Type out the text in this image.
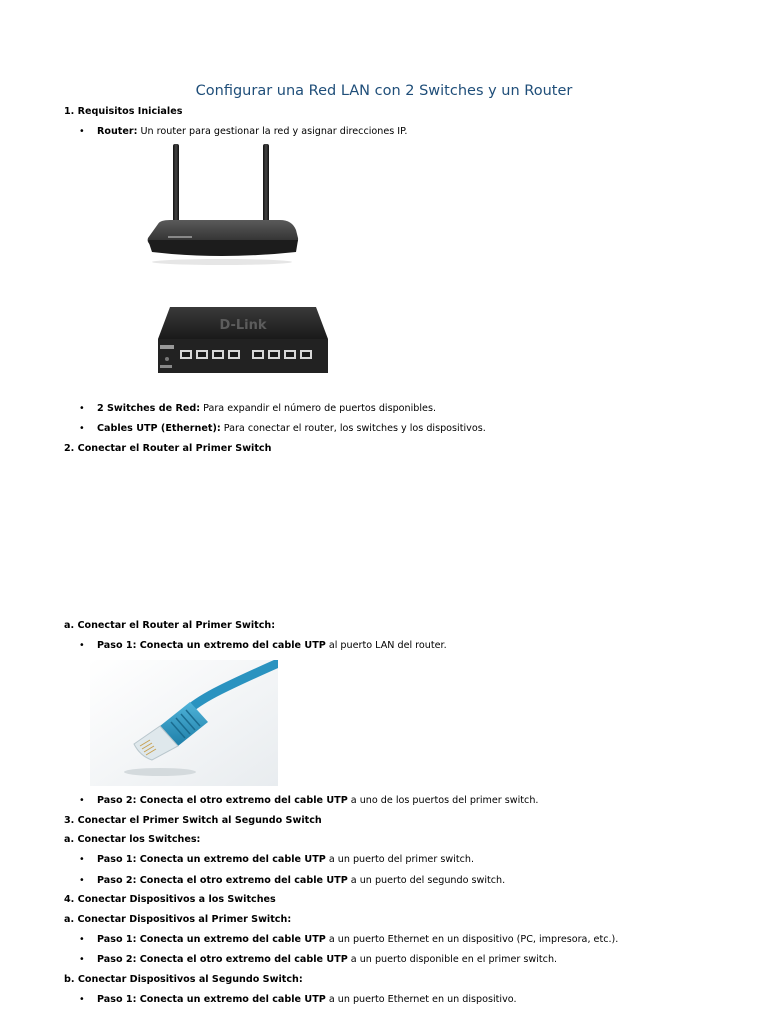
Configurar una Red LAN con 2 Switches y un Router
1. Requisitos Iniciales
• Router: Un router para gestionar la red y asignar direcciones IP.
D-Link
• 2 Switches de Red: Para expandir el número de puertos disponibles.
• Cables UTP (Ethernet): Para conectar el router, los switches y los dispositivos.
2. Conectar el Router al Primer Switch
a. Conectar el Router al Primer Switch:
• Paso 1: Conecta un extremo del cable UTP al puerto LAN del router.
• Paso 2: Conecta el otro extremo del cable UTP a uno de los puertos del primer switch.
3. Conectar el Primer Switch al Segundo Switch
a. Conectar los Switches:
• Paso 1: Conecta un extremo del cable UTP a un puerto del primer switch.
• Paso 2: Conecta el otro extremo del cable UTP a un puerto del segundo switch.
4. Conectar Dispositivos a los Switches
a. Conectar Dispositivos al Primer Switch:
• Paso 1: Conecta un extremo del cable UTP a un puerto Ethernet en un dispositivo (PC, impresora, etc.).
• Paso 2: Conecta el otro extremo del cable UTP a un puerto disponible en el primer switch.
b. Conectar Dispositivos al Segundo Switch:
• Paso 1: Conecta un extremo del cable UTP a un puerto Ethernet en un dispositivo.
